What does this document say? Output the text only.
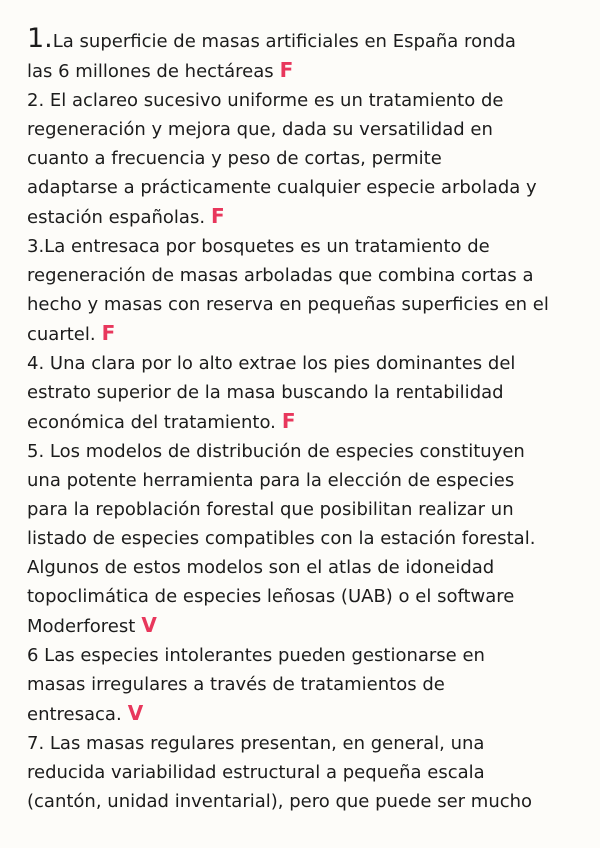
1.La superficie de masas artificiales en España ronda
las 6 millones de hectáreas F
2. El aclareo sucesivo uniforme es un tratamiento de
regeneración y mejora que, dada su versatilidad en
cuanto a frecuencia y peso de cortas, permite
adaptarse a prácticamente cualquier especie arbolada y
estación españolas. F
3.La entresaca por bosquetes es un tratamiento de
regeneración de masas arboladas que combina cortas a
hecho y masas con reserva en pequeñas superficies en el
cuartel. F
4. Una clara por lo alto extrae los pies dominantes del
estrato superior de la masa buscando la rentabilidad
económica del tratamiento. F
5. Los modelos de distribución de especies constituyen
una potente herramienta para la elección de especies
para la repoblación forestal que posibilitan realizar un
listado de especies compatibles con la estación forestal.
Algunos de estos modelos son el atlas de idoneidad
topoclimática de especies leñosas (UAB) o el software
Moderforest V
6 Las especies intolerantes pueden gestionarse en
masas irregulares a través de tratamientos de
entresaca. V
7. Las masas regulares presentan, en general, una
reducida variabilidad estructural a pequeña escala
(cantón, unidad inventarial), pero que puede ser mucho
